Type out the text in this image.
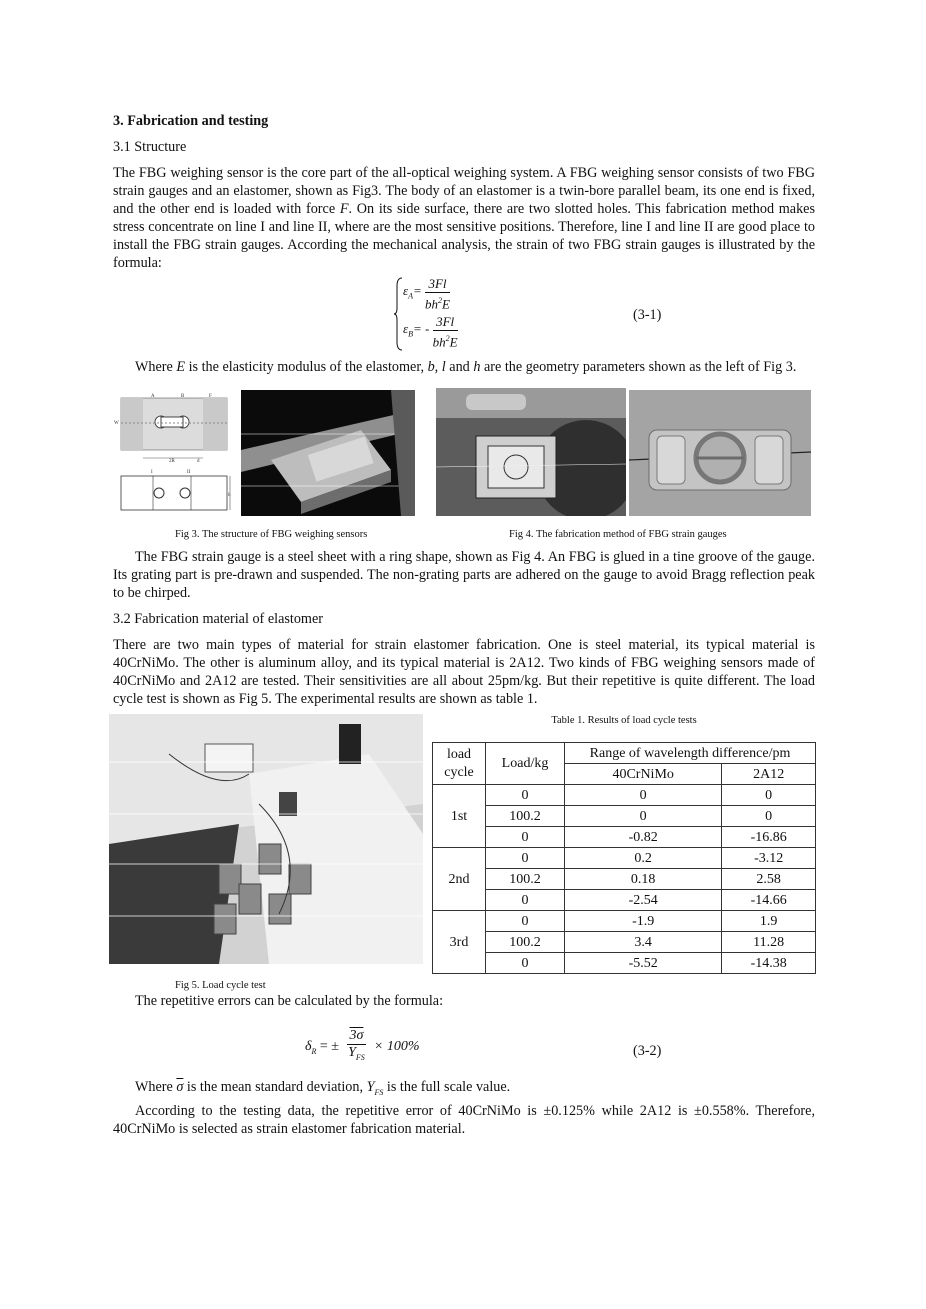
3. Fabrication and testing

3.1 Structure

The FBG weighing sensor is the core part of the all-optical weighing system. A FBG weighing sensor consists of two FBG strain gauges and an elastomer, shown as Fig3. The body of an elastomer is a twin-bore parallel beam, its one end is fixed, and the other end is loaded with force F. On its side surface, there are two slotted holes. This fabrication method makes stress concentrate on line I and line II, where are the most sensitive positions. Therefore, line I and line II are good place to install the FBG strain gauges. According the mechanical analysis, the strain of two FBG strain gauges is illustrated by the formula:

$\varepsilon_A= \frac{3Fl}{bh^2E}$
$\varepsilon_B= - \frac{3Fl}{bh^2E}$	(3-1)

Where E is the elasticity modulus of the elastomer, b, l and h are the geometry parameters shown as the left of Fig 3.

A	B	F
W
2R	d
I	II
h
Fig 3. The structure of FBG weighing sensors	Fig 4. The fabrication method of FBG strain gauges

The FBG strain gauge is a steel sheet with a ring shape, shown as Fig 4. An FBG is glued in a tine groove of the gauge. Its grating part is pre-drawn and suspended. The non-grating parts are adhered on the gauge to avoid Bragg reflection peak to be chirped.

3.2 Fabrication material of elastomer

There are two main types of material for strain elastomer fabrication. One is steel material, its typical material is 40CrNiMo. The other is aluminum alloy, and its typical material is 2A12. Two kinds of FBG weighing sensors made of 40CrNiMo and 2A12 are tested. Their sensitivities are all about 25pm/kg. But their repetitive is quite different. The load cycle test is shown as Fig 5. The experimental results are shown as table 1.

Table 1. Results of load cycle tests
load
cycle	Load/kg	Range of wavelength difference/pm	
		40CrNiMo	2A12
1st	0	0	0
	100.2	0	0
	0	-0.82	-16.86
2nd	0	0.2	-3.12
	100.2	0.18	2.58
	0	-2.54	-14.66
3rd	0	-1.9	1.9
	100.2	3.4	11.28
	0	-5.52	-14.38
Fig 5. Load cycle test

The repetitive errors can be calculated by the formula:

$\delta_R$ = ± $\frac{3\sigma}{Y_{FS}} \times 100\%$	(3-2)

Where $\overline{\sigma}$ is the mean standard deviation, $Y_{FS}$ is the full scale value.

According to the testing data, the repetitive error of 40CrNiMo is ±0.125% while 2A12 is ±0.558%. Therefore, 40CrNiMo is selected as strain elastomer fabrication material.
